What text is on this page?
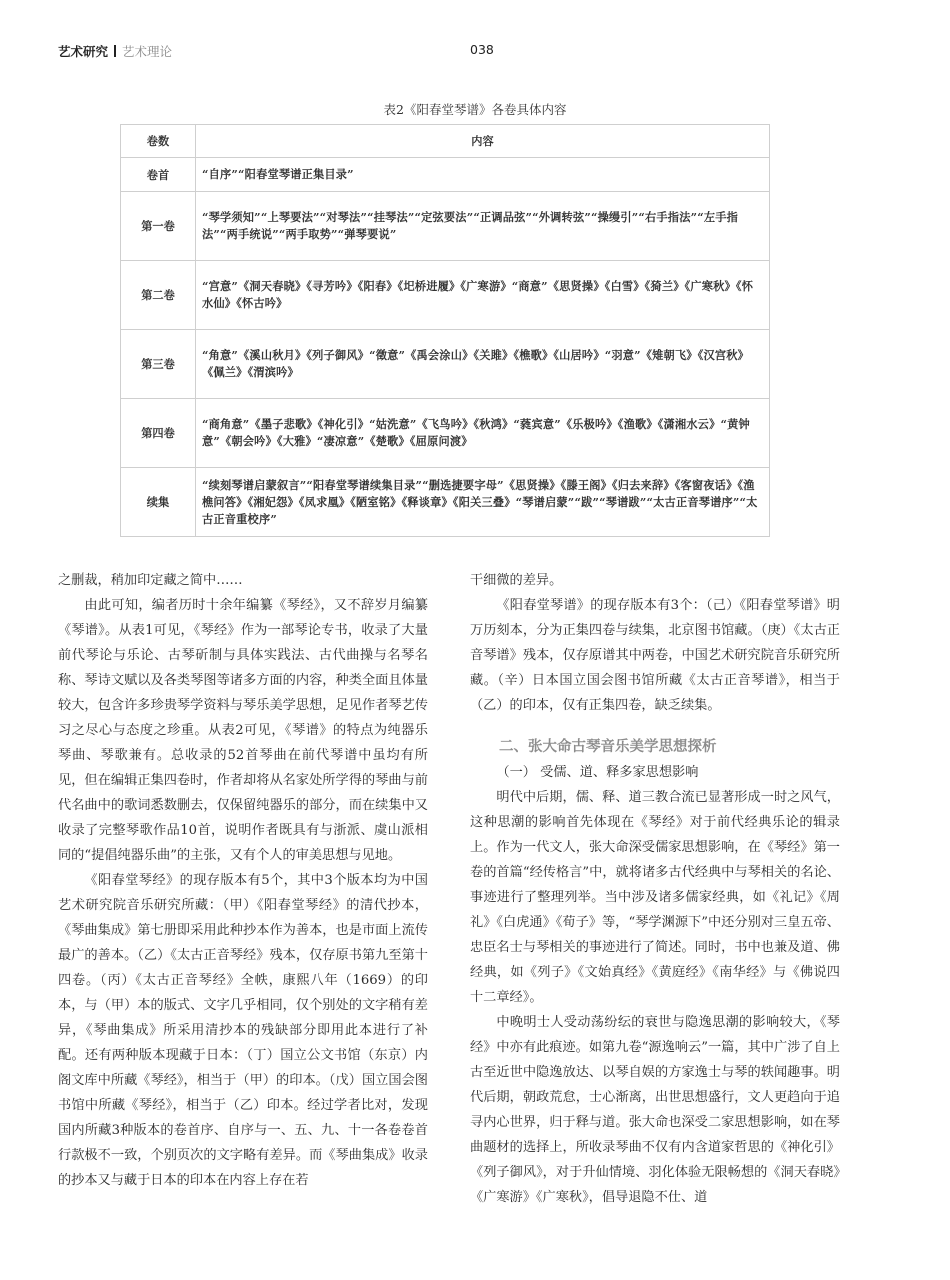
艺术研究 艺术理论	038
表2《阳春堂琴谱》各卷具体内容
卷数	内容
卷首	“自序”“阳春堂琴谱正集目录”
第一卷	“琴学须知”“上琴要法”“对琴法”“挂琴法”“定弦要法”“正调品弦”“外调转弦”“操缦引”“右手指法”“左手指法”“两手统说”“两手取势”“弹琴要说”
第二卷	“宫意”《洞天春晓》《寻芳吟》《阳春》《圯桥进履》《广寒游》“商意”《思贤操》《白雪》《猗兰》《广寒秋》《怀水仙》《怀古吟》
第三卷	“角意”《溪山秋月》《列子御风》“徵意”《禹会涂山》《关雎》《樵歌》《山居吟》“羽意”《雉朝飞》《汉宫秋》《佩兰》《渭滨吟》
第四卷	“商角意”《墨子悲歌》《神化引》“姑洗意”《飞鸟吟》《秋鸿》“蕤宾意”《乐极吟》《渔歌》《潇湘水云》“黄钟意”《朝会吟》《大雅》“凄凉意”《楚歌》《屈原问渡》
续集	“续刻琴谱启蒙叙言”“阳春堂琴谱续集目录”“删选捷要字母”《思贤操》《滕王阁》《归去来辞》《客窗夜话》《渔樵问答》《湘妃怨》《凤求凰》《陋室铭》《释谈章》《阳关三叠》“琴谱启蒙”“跋”“琴谱跋”“太古正音琴谱序”“太古正音重校序”

之删裁，稍加印定藏之简中……

由此可知，编者历时十余年编纂《琴经》，又不辞岁月编纂《琴谱》。从表1可见，《琴经》作为一部琴论专书，收录了大量前代琴论与乐论、古琴斫制与具体实践法、古代曲操与名琴名称、琴诗文赋以及各类琴图等诸多方面的内容，种类全面且体量较大，包含许多珍贵琴学资料与琴乐美学思想，足见作者琴艺传习之尽心与态度之珍重。从表2可见，《琴谱》的特点为纯器乐琴曲、琴歌兼有。总收录的52首琴曲在前代琴谱中虽均有所见，但在编辑正集四卷时，作者却将从名家处所学得的琴曲与前代名曲中的歌词悉数删去，仅保留纯器乐的部分，而在续集中又收录了完整琴歌作品10首，说明作者既具有与浙派、虞山派相同的“提倡纯器乐曲”的主张，又有个人的审美思想与见地。

《阳春堂琴经》的现存版本有5个，其中3个版本均为中国艺术研究院音乐研究所藏：（甲）《阳春堂琴经》的清代抄本，《琴曲集成》第七册即采用此种抄本作为善本，也是市面上流传最广的善本。（乙）《太古正音琴经》残本，仅存原书第九至第十四卷。（丙）《太古正音琴经》全帙，康熙八年（1669）的印本，与（甲）本的版式、文字几乎相同，仅个别处的文字稍有差异，《琴曲集成》所采用清抄本的残缺部分即用此本进行了补配。还有两种版本现藏于日本：（丁）国立公文书馆（东京）内阁文库中所藏《琴经》，相当于（甲）的印本。（戊）国立国会图书馆中所藏《琴经》，相当于（乙）印本。经过学者比对，发现国内所藏3种版本的卷首序、自序与一、五、九、十一各卷卷首行款极不一致，个别页次的文字略有差异。而《琴曲集成》收录的抄本又与藏于日本的印本在内容上存在若

干细微的差异。

《阳春堂琴谱》的现存版本有3个：（己）《阳春堂琴谱》明万历刻本，分为正集四卷与续集，北京图书馆藏。（庚）《太古正音琴谱》残本，仅存原谱其中两卷，中国艺术研究院音乐研究所藏。（辛）日本国立国会图书馆所藏《太古正音琴谱》，相当于（乙）的印本，仅有正集四卷，缺乏续集。

二、张大命古琴音乐美学思想探析
（一） 受儒、道、释多家思想影响

明代中后期，儒、释、道三教合流已显著形成一时之风气，这种思潮的影响首先体现在《琴经》对于前代经典乐论的辑录上。作为一代文人，张大命深受儒家思想影响，在《琴经》第一卷的首篇“经传格言”中，就将诸多古代经典中与琴相关的名论、事迹进行了整理列举。当中涉及诸多儒家经典，如《礼记》《周礼》《白虎通》《荀子》等，“琴学渊源下”中还分别对三皇五帝、忠臣名士与琴相关的事迹进行了简述。同时，书中也兼及道、佛经典，如《列子》《文始真经》《黄庭经》《南华经》与《佛说四十二章经》。

中晚明士人受动荡纷纭的衰世与隐逸思潮的影响较大，《琴经》中亦有此痕迹。如第九卷“源逸响云”一篇，其中广涉了自上古至近世中隐逸放达、以琴自娱的方家逸士与琴的轶闻趣事。明代后期，朝政荒怠，士心渐离，出世思想盛行，文人更趋向于追寻内心世界，归于释与道。张大命也深受二家思想影响，如在琴曲题材的选择上，所收录琴曲不仅有内含道家哲思的《神化引》《列子御风》，对于升仙情境、羽化体验无限畅想的《洞天春晓》《广寒游》《广寒秋》，倡导退隐不仕、道
